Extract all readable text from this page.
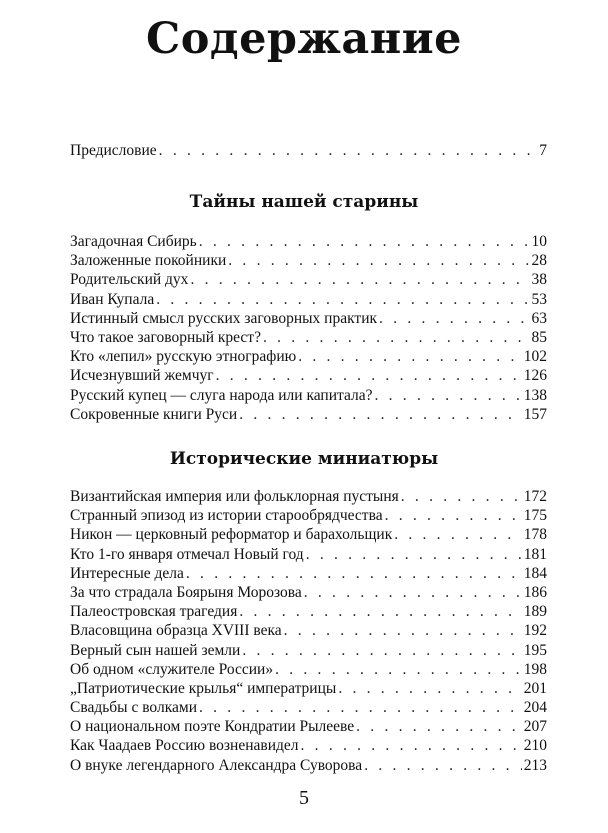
Содержание
Предисловие . . .	7
Тайны нашей старины
Загадочная Сибирь . . .	10
Заложенные покойники . . .	28
Родительский дух . . .	38
Иван Купала . . .	53
Истинный смысл русских заговорных практик . . .	63
Что такое заговорный крест? . . .	85
Кто «лепил» русскую этнографию . . .	102
Исчезнувший жемчуг . . .	126
Русский купец — слуга народа или капитала? . . .	138
Сокровенные книги Руси . . .	157
Исторические миниатюры
Византийская империя или фольклорная пустыня . . .	172
Странный эпизод из истории старообрядчества . . .	175
Никон — церковный реформатор и барахольщик . . .	178
Кто 1-го января отмечал Новый год . . .	181
Интересные дела . . .	184
За что страдала Боярыня Морозова . . .	186
Палеостровская трагедия . . .	189
Власовщина образца XVIII века . . .	192
Верный сын нашей земли . . .	195
Об одном «служителе России» . . .	198
„Патриотические крылья“ императрицы . . .	201
Свадьбы с волками . . .	204
О национальном поэте Кондратии Рылееве . . .	207
Как Чаадаев Россию возненавидел . . .	210
О внуке легендарного Александра Суворова . . .	213
5
